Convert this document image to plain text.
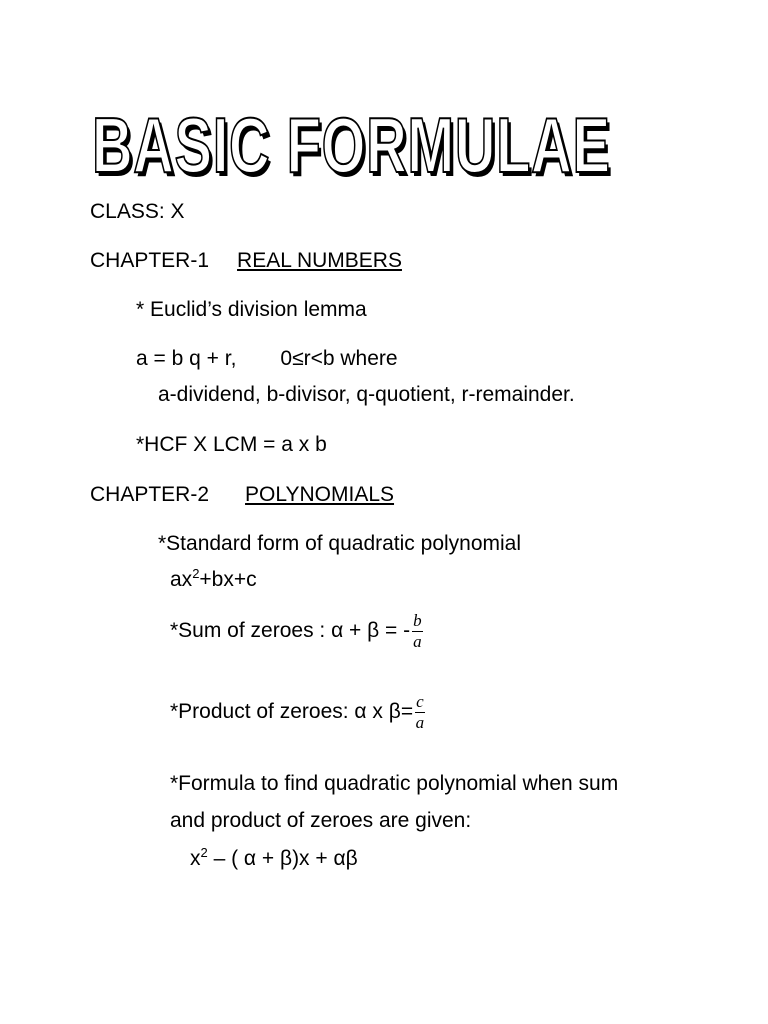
BASIC FORMULAE
CLASS: X
CHAPTER-1 REAL NUMBERS
* Euclid’s division lemma
a = b q + r, 0≤r<b where
a-dividend, b-divisor, q-quotient, r-remainder.
*HCF X LCM = a x b
CHAPTER-2 POLYNOMIALS
*Standard form of quadratic polynomial
$ax^2+bx+c$
*Sum of zeroes : α + β = - $\frac{b}{a}$
*Product of zeroes: α x $\beta= \frac{c}{a}$
*Formula to find quadratic polynomial when sum
and product of zeroes are given:
$x^2$ – ( α + β)x + αβ
